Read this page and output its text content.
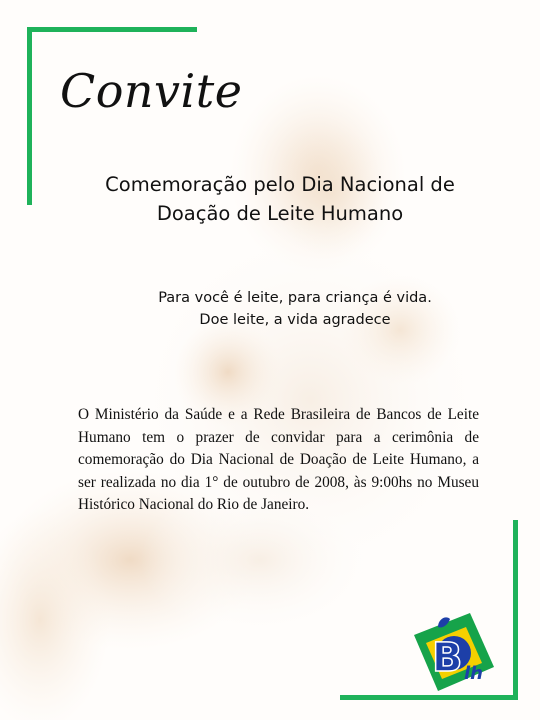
Convite
Comemoração pelo Dia Nacional de
Doação de Leite Humano
Para você é leite, para criança é vida.
Doe leite, a vida agradece
O Ministério da Saúde e a Rede Brasileira de Bancos de Leite Humano tem o prazer de convidar para a cerimônia de comemoração do Dia Nacional de Doação de Leite Humano, a ser realizada no dia 1° de outubro de 2008, às 9:00hs no Museu Histórico Nacional do Rio de Janeiro.
B lh
